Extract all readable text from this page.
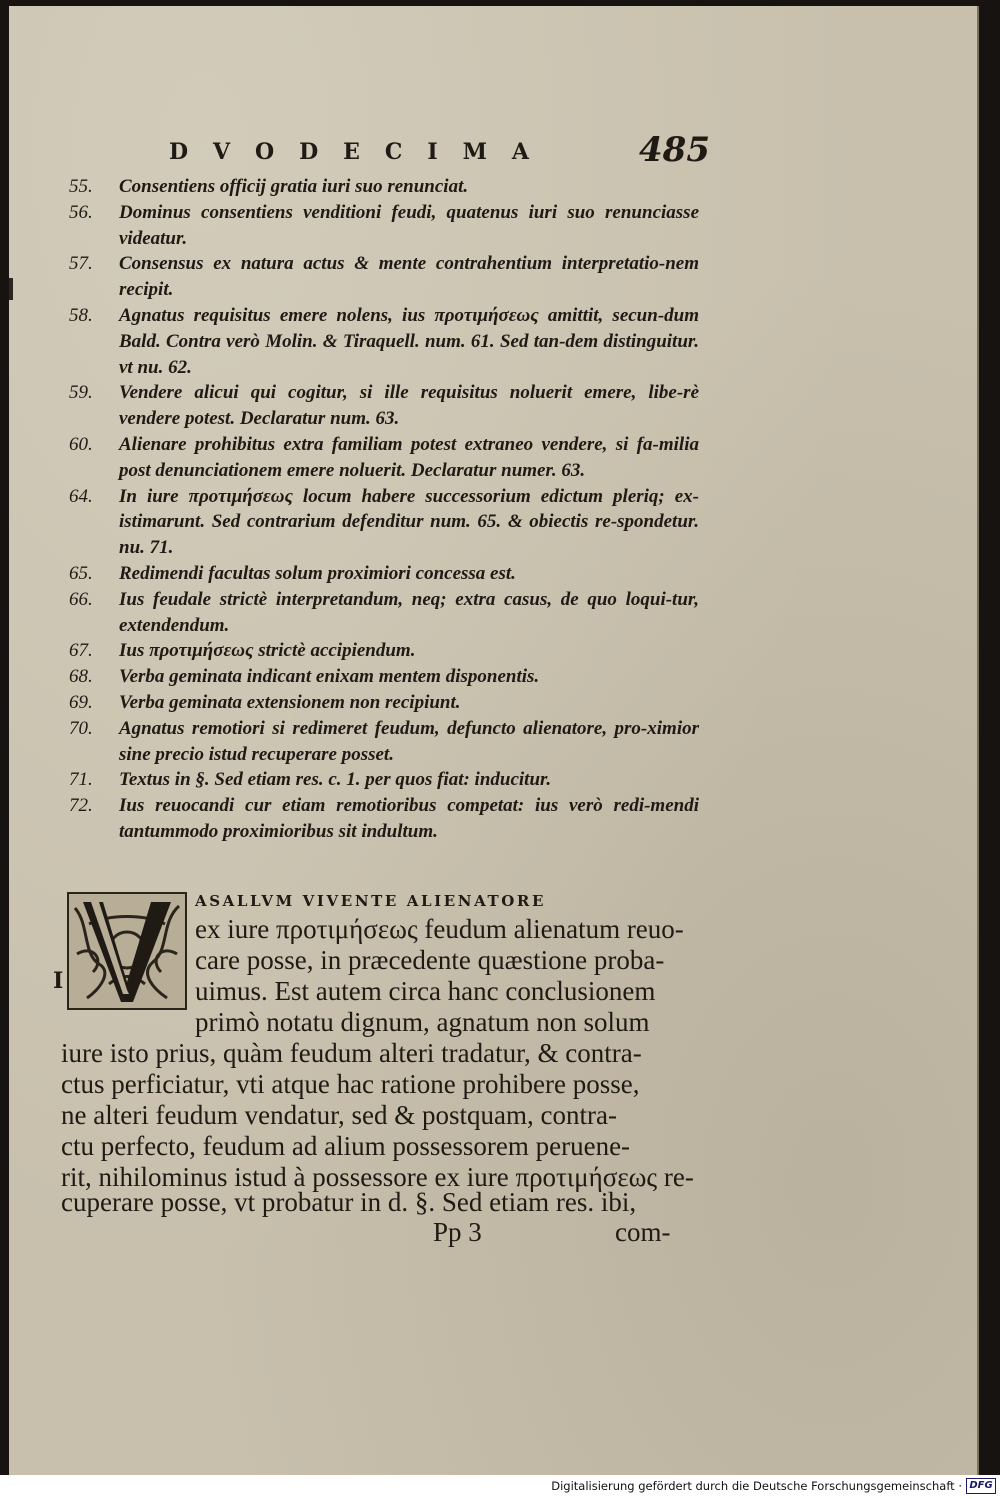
D V O D E C I M A	485
55.	Consentiens officij gratia iuri suo renunciat.
56.	Dominus consentiens venditioni feudi, quatenus iuri suo renunciasse videatur.
57.	Consensus ex natura actus & mente contrahentium interpretatio-nem recipit.
58.	Agnatus requisitus emere nolens, ius προτιμήσεως amittit, secun-dum Bald. Contra verò Molin. & Tiraquell. num. 61. Sed tan-dem distinguitur. vt nu. 62.
59.	Vendere alicui qui cogitur, si ille requisitus noluerit emere, libe-rè vendere potest. Declaratur num. 63.
60.	Alienare prohibitus extra familiam potest extraneo vendere, si fa-milia post denunciationem emere noluerit. Declaratur numer. 63.
64.	In iure προτιμήσεως locum habere successorium edictum pleriq; ex-istimarunt. Sed contrarium defenditur num. 65. & obiectis re-spondetur. nu. 71.
65.	Redimendi facultas solum proximiori concessa est.
66.	Ius feudale strictè interpretandum, neq; extra casus, de quo loqui-tur, extendendum.
67.	Ius προτιμήσεως strictè accipiendum.
68.	Verba geminata indicant enixam mentem disponentis.
69.	Verba geminata extensionem non recipiunt.
70.	Agnatus remotiori si redimeret feudum, defuncto alienatore, pro-ximior sine precio istud recuperare posset.
71.	Textus in §. Sed etiam res. c. 1. per quos fiat: inducitur.
72.	Ius reuocandi cur etiam remotioribus competat: ius verò redi-mendi tantummodo proximioribus sit indultum.
I
ASALLVM VIVENTE ALIENATORE
ex iure προτιμήσεως feudum alienatum reuo-
care posse, in præcedente quæstione proba-
uimus. Est autem circa hanc conclusionem
primò notatu dignum, agnatum non solum
iure isto prius, quàm feudum alteri tradatur, & contra-
ctus perficiatur, vti atque hac ratione prohibere posse,
ne alteri feudum vendatur, sed & postquam, contra-
ctu perfecto, feudum ad alium possessorem peruene-
rit, nihilominus istud à possessore ex iure προτιμήσεως re-
cuperare posse, vt probatur in d. §. Sed etiam res. ibi,
Pp 3	com-
Digitalisierung gefördert durch die Deutsche Forschungsgemeinschaft · DFG
